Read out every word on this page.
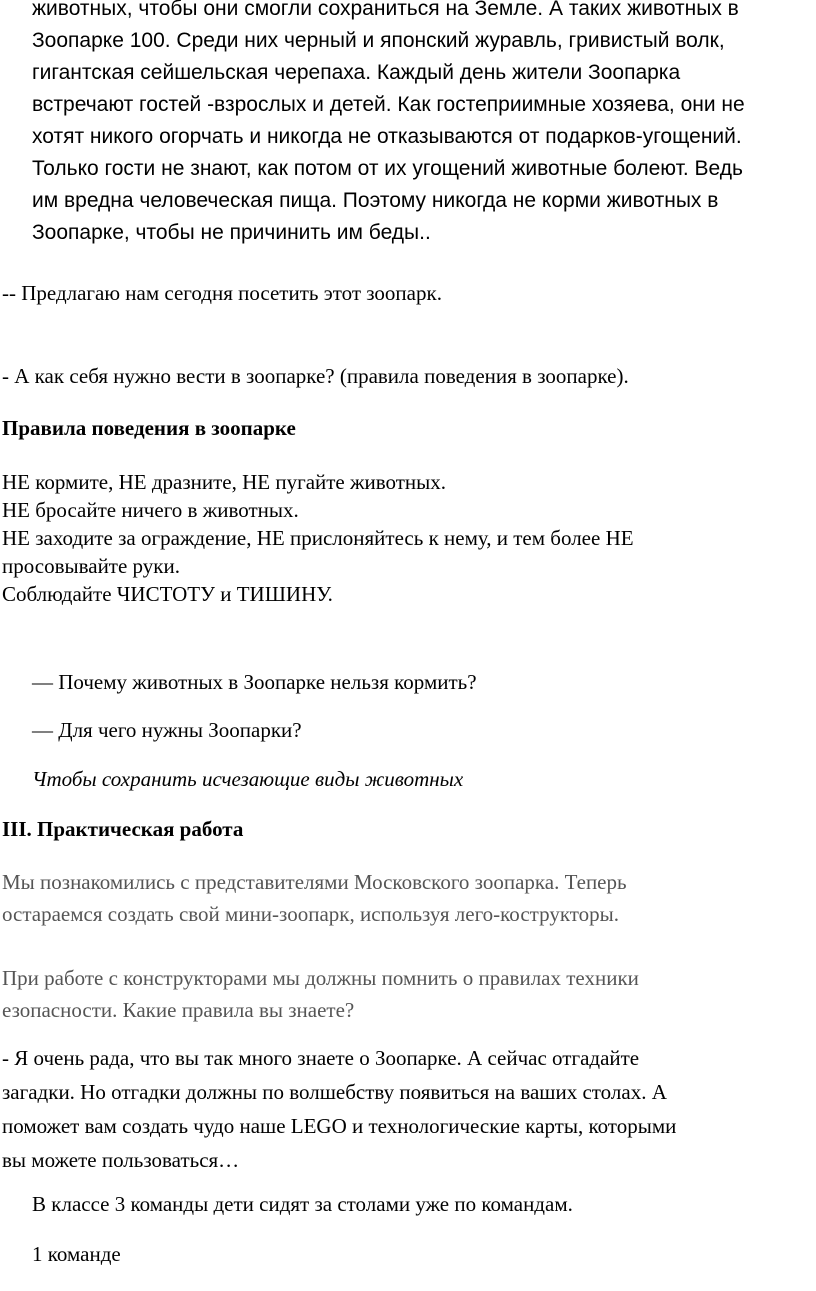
животных, чтобы они смогли сохраниться на Земле. А таких животных в
Зоопарке 100. Среди них черный и японский журавль, гривистый волк,
гигантская сейшельская черепаха. Каждый день жители Зоопарка
встречают гостей -взрослых и детей. Как гостеприимные хозяева, они не
хотят никого огорчать и никогда не отказываются от подарков-угощений.
Только гости не знают, как потом от их угощений животные болеют. Ведь
им вредна человеческая пища. Поэтому никогда не корми животных в
Зоопарке, чтобы не причинить им беды..

-- Предлагаю нам сегодня посетить этот зоопарк.

- А как себя нужно вести в зоопарке? (правила поведения в зоопарке).

Правила поведения в зоопарке

НЕ кормите, НЕ дразните, НЕ пугайте животных.
НЕ бросайте ничего в животных.
НЕ заходите за ограждение, НЕ прислоняйтесь к нему, и тем более НЕ
просовывайте руки.
Соблюдайте ЧИСТОТУ и ТИШИНУ.

— Почему животных в Зоопарке нельзя кормить?

— Для чего нужны Зоопарки?

Чтобы сохранить исчезающие виды животных

III. Практическая работа

Мы познакомились с представителями Московского зоопарка. Теперь
остараемся создать свой мини-зоопарк, используя лего-кострукторы.
При работе с конструкторами мы должны помнить о правилах техники
езопасности. Какие правила вы знаете?
- Я очень рада, что вы так много знаете о Зоопарке. А сейчас отгадайте
загадки. Но отгадки должны по волшебству появиться на ваших столах. А
поможет вам создать чудо наше LEGO и технологические карты, которыми
вы можете пользоваться…

В классе 3 команды дети сидят за столами уже по командам.

1 команде
